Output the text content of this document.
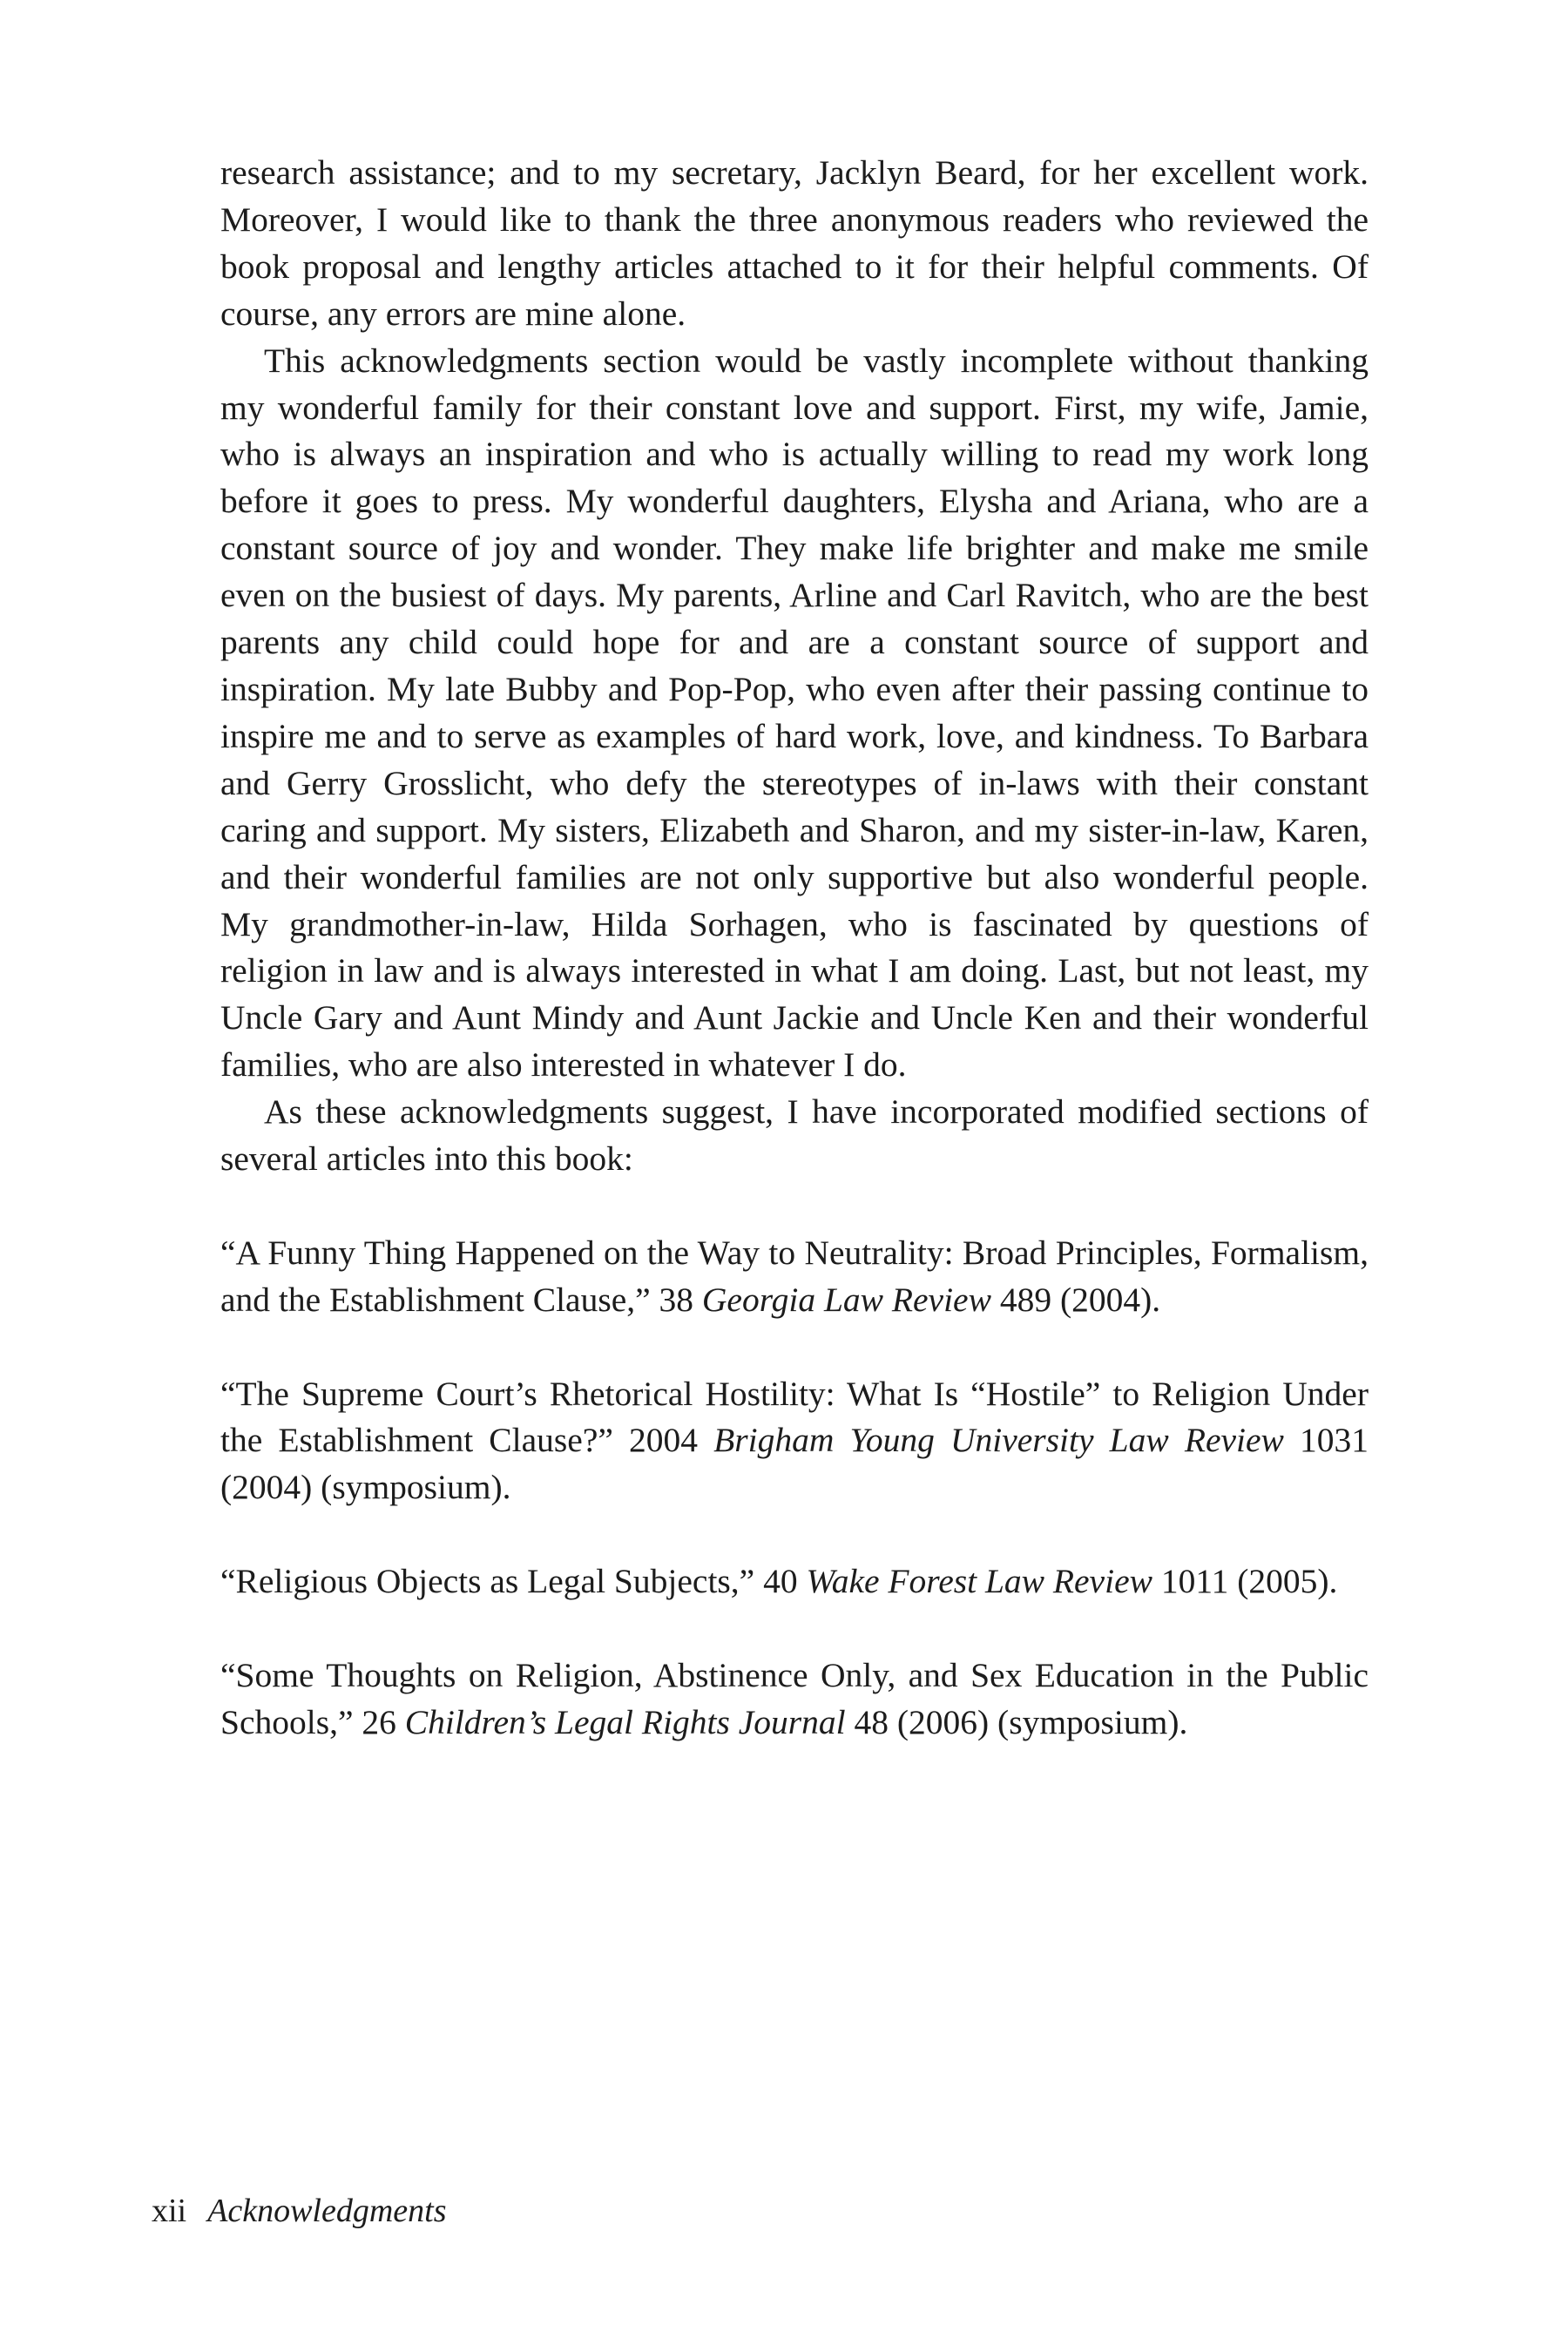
research assistance; and to my secretary, Jacklyn Beard, for her excellent work. Moreover, I would like to thank the three anonymous readers who reviewed the book proposal and lengthy articles attached to it for their helpful comments. Of course, any errors are mine alone.

This acknowledgments section would be vastly incomplete without thanking my wonderful family for their constant love and support. First, my wife, Jamie, who is always an inspiration and who is actually willing to read my work long before it goes to press. My wonderful daughters, Elysha and Ariana, who are a constant source of joy and wonder. They make life brighter and make me smile even on the busiest of days. My parents, Arline and Carl Ravitch, who are the best parents any child could hope for and are a constant source of support and inspiration. My late Bubby and Pop-Pop, who even after their passing continue to inspire me and to serve as examples of hard work, love, and kindness. To Barbara and Gerry Grosslicht, who defy the stereotypes of in-laws with their constant caring and support. My sisters, Elizabeth and Sharon, and my sister-in-law, Karen, and their wonderful families are not only supportive but also wonderful people. My grandmother-in-law, Hilda Sorhagen, who is fascinated by questions of religion in law and is always interested in what I am doing. Last, but not least, my Uncle Gary and Aunt Mindy and Aunt Jackie and Uncle Ken and their wonderful families, who are also interested in whatever I do.

As these acknowledgments suggest, I have incorporated modified sections of several articles into this book:

“A Funny Thing Happened on the Way to Neutrality: Broad Principles, Formalism, and the Establishment Clause,” 38 Georgia Law Review 489 (2004).

“The Supreme Court’s Rhetorical Hostility: What Is “Hostile” to Religion Under the Establishment Clause?” 2004 Brigham Young University Law Review 1031 (2004) (symposium).

“Religious Objects as Legal Subjects,” 40 Wake Forest Law Review 1011 (2005).

“Some Thoughts on Religion, Abstinence Only, and Sex Education in the Public Schools,” 26 Children’s Legal Rights Journal 48 (2006) (symposium).

xii Acknowledgments
